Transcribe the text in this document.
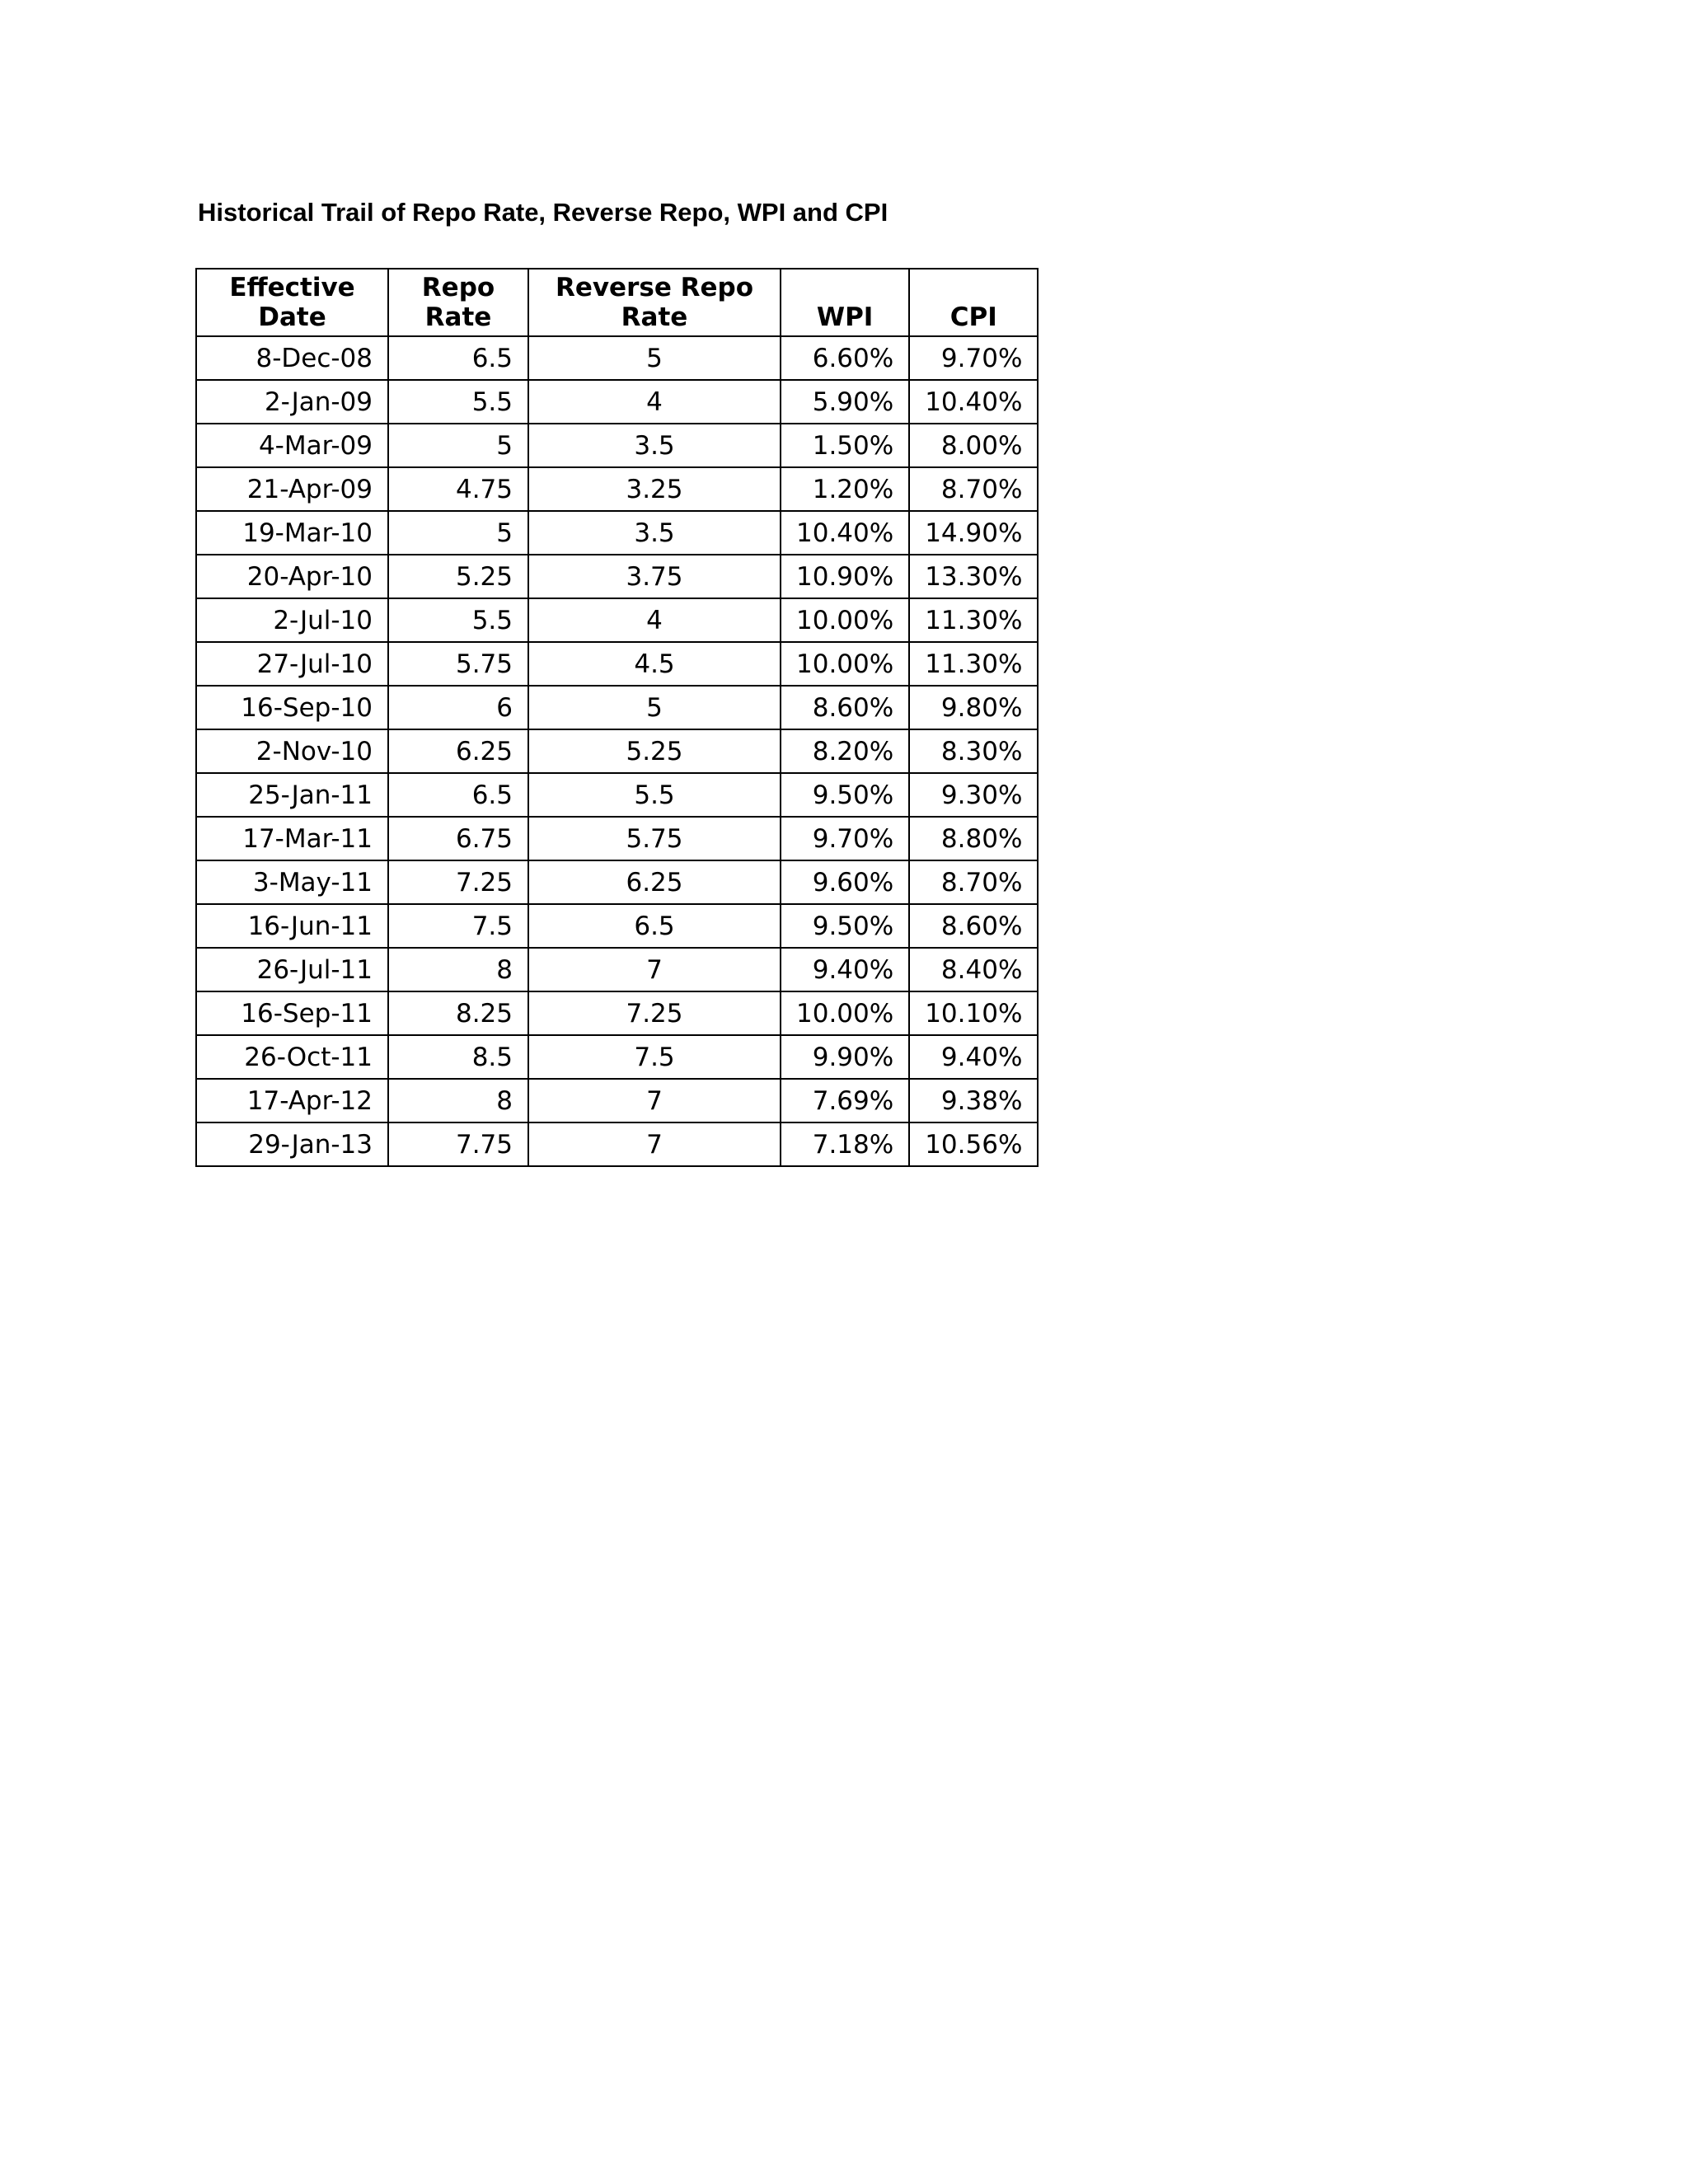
Historical Trail of Repo Rate, Reverse Repo, WPI and CPI
Effective Date	Repo Rate	Reverse Repo Rate	WPI	CPI
8-Dec-08	6.5	5	6.60%	9.70%
2-Jan-09	5.5	4	5.90%	10.40%
4-Mar-09	5	3.5	1.50%	8.00%
21-Apr-09	4.75	3.25	1.20%	8.70%
19-Mar-10	5	3.5	10.40%	14.90%
20-Apr-10	5.25	3.75	10.90%	13.30%
2-Jul-10	5.5	4	10.00%	11.30%
27-Jul-10	5.75	4.5	10.00%	11.30%
16-Sep-10	6	5	8.60%	9.80%
2-Nov-10	6.25	5.25	8.20%	8.30%
25-Jan-11	6.5	5.5	9.50%	9.30%
17-Mar-11	6.75	5.75	9.70%	8.80%
3-May-11	7.25	6.25	9.60%	8.70%
16-Jun-11	7.5	6.5	9.50%	8.60%
26-Jul-11	8	7	9.40%	8.40%
16-Sep-11	8.25	7.25	10.00%	10.10%
26-Oct-11	8.5	7.5	9.90%	9.40%
17-Apr-12	8	7	7.69%	9.38%
29-Jan-13	7.75	7	7.18%	10.56%
